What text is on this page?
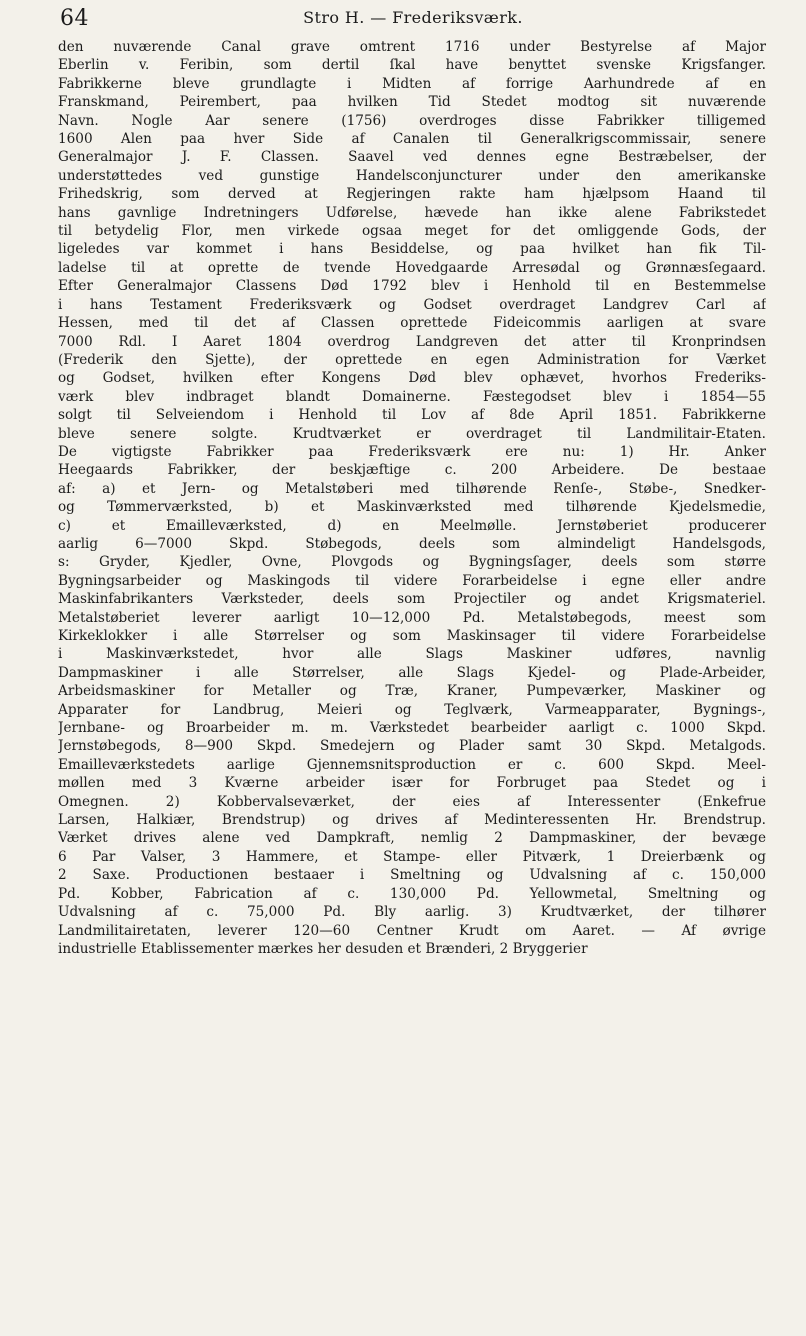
64	Stro H. — Frederiksværk.
den nuværende Canal grave omtrent 1716 under Bestyrelse af Major
Eberlin v. Feribin, som dertil ſkal have benyttet svenske Krigsfanger.
Fabrikkerne bleve grundlagte i Midten af forrige Aarhundrede af en
Franskmand, Peirembert, paa hvilken Tid Stedet modtog sit nuværende
Navn. Nogle Aar senere (1756) overdroges disse Fabrikker tilligemed
1600 Alen paa hver Side af Canalen til Generalkrigscommissair, senere
Generalmajor J. F. Classen. Saavel ved dennes egne Bestræbelser, der
understøttedes ved gunstige Handelsconjuncturer under den amerikanske
Frihedskrig, som derved at Regjeringen rakte ham hjælpsom Haand til
hans gavnlige Indretningers Udførelse, hævede han ikke alene Fabrikstedet
til betydelig Flor, men virkede ogsaa meget for det omliggende Gods, der
ligeledes var kommet i hans Besiddelse, og paa hvilket han fik Til-
ladelse til at oprette de tvende Hovedgaarde Arresødal og Grønnæsſegaard.
Efter Generalmajor Classens Død 1792 blev i Henhold til en Bestemmelse
i hans Testament Frederiksværk og Godset overdraget Landgrev Carl af
Hessen, med til det af Classen oprettede Fideicommis aarligen at svare
7000 Rdl. I Aaret 1804 overdrog Landgreven det atter til Kronprindsen
(Frederik den Sjette), der oprettede en egen Administration for Værket
og Godset, hvilken efter Kongens Død blev ophævet, hvorhos Frederiks-
værk blev indbraget blandt Domainerne. Fæstegodset blev i 1854—55
solgt til Selveiendom i Henhold til Lov af 8de April 1851. Fabrikkerne
bleve senere solgte. Krudtværket er overdraget til Landmilitair-Etaten.
De vigtigste Fabrikker paa Frederiksværk ere nu: 1) Hr. Anker
Heegaards Fabrikker, der beskjæftige c. 200 Arbeidere. De bestaae
af: a) et Jern- og Metalstøberi med tilhørende Renſe-, Støbe-, Snedker-
og Tømmerværksted, b) et Maskinværksted med tilhørende Kjedelsmedie,
c) et Emailleværksted, d) en Meelmølle. Jernstøberiet producerer
aarlig 6—7000 Skpd. Støbegods, deels som almindeligt Handelsgods,
s: Gryder, Kjedler, Ovne, Plovgods og Bygningsſager, deels som større
Bygningsarbeider og Maskingods til videre Forarbeidelse i egne eller andre
Maskinfabrikanters Værksteder, deels som Projectiler og andet Krigsmateriel.
Metalstøberiet leverer aarligt 10—12,000 Pd. Metalstøbegods, meest som
Kirkeklokker i alle Størrelser og som Maskinsager til videre Forarbeidelse
i Maskinværkstedet, hvor alle Slags Maskiner udføres, navnlig
Dampmaskiner i alle Størrelser, alle Slags Kjedel- og Plade-Arbeider,
Arbeidsmaskiner for Metaller og Træ, Kraner, Pumpeværker, Maskiner og
Apparater for Landbrug, Meieri og Teglværk, Varmeapparater, Bygnings-,
Jernbane- og Broarbeider m. m. Værkstedet bearbeider aarligt c. 1000 Skpd.
Jernstøbegods, 8—900 Skpd. Smedejern og Plader samt 30 Skpd. Metalgods.
Emailleværkstedets aarlige Gjennemsnitsproduction er c. 600 Skpd. Meel-
møllen med 3 Kværne arbeider især for Forbruget paa Stedet og i
Omegnen. 2) Kobbervalseværket, der eies af Interessenter (Enkefrue
Larsen, Halkiær, Brendstrup) og drives af Medinteressenten Hr. Brendstrup.
Værket drives alene ved Dampkraft, nemlig 2 Dampmaskiner, der bevæge
6 Par Valser, 3 Hammere, et Stampe- eller Pitværk, 1 Dreierbænk og
2 Saxe. Productionen bestaaer i Smeltning og Udvalsning af c. 150,000
Pd. Kobber, Fabrication af c. 130,000 Pd. Yellowmetal, Smeltning og
Udvalsning af c. 75,000 Pd. Bly aarlig. 3) Krudtværket, der tilhører
Landmilitairetaten, leverer 120—60 Centner Krudt om Aaret. — Af øvrige
industrielle Etablissementer mærkes her desuden et Brænderi, 2 Bryggerier
